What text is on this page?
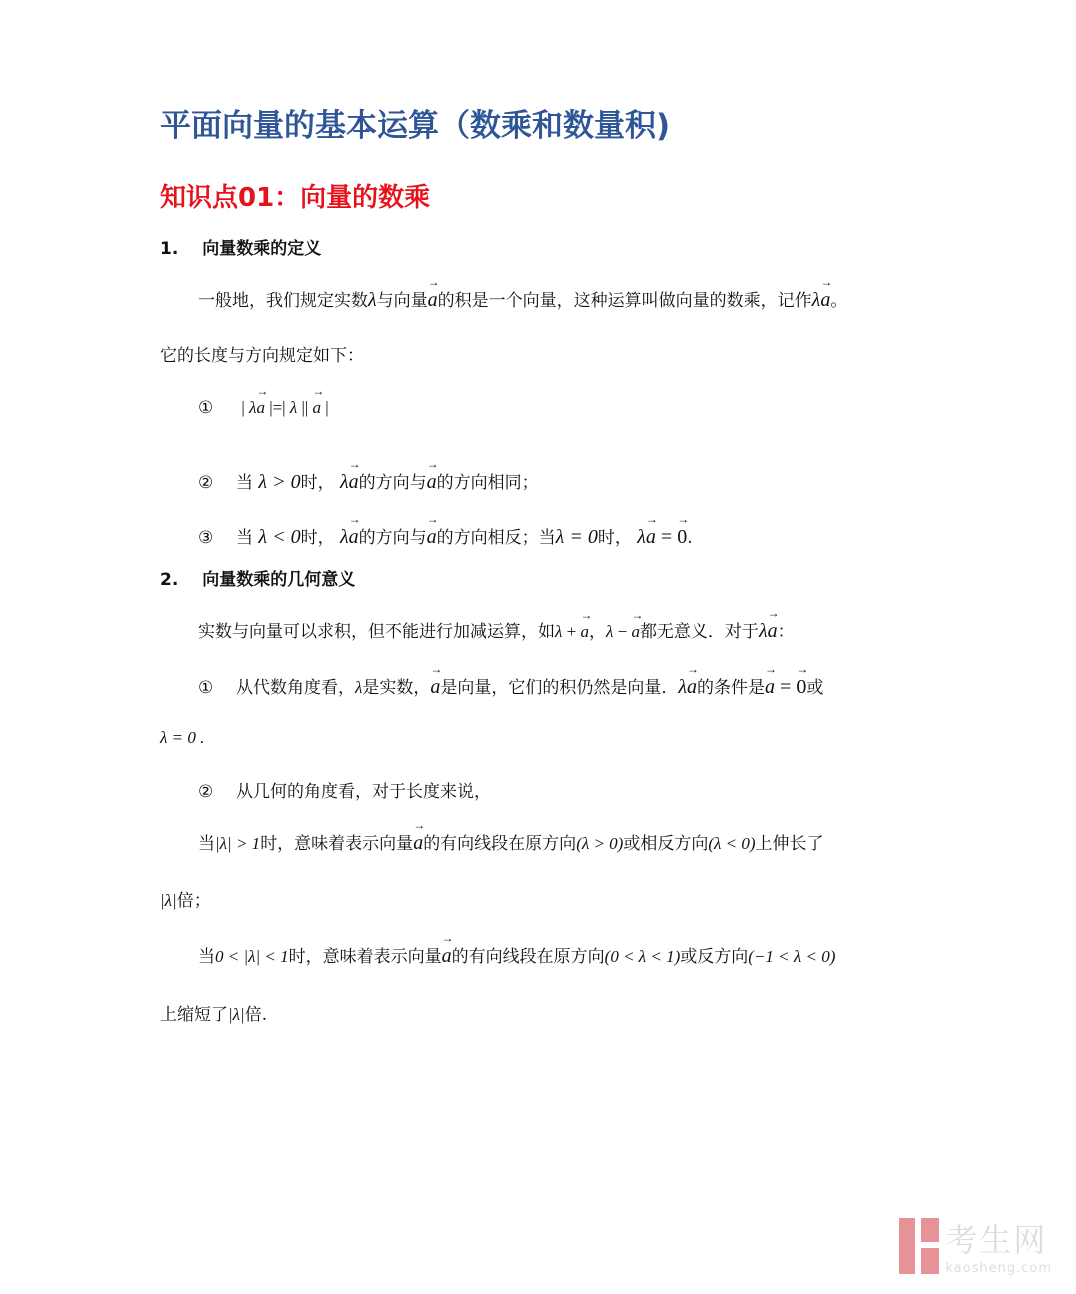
平面向量的基本运算（数乘和数量积)
知识点01：向量的数乘
1. 向量数乘的定义
一般地，我们规定实数λ与向量→ a的积是一个向量，这种运算叫做向量的数乘，记作λ→ a。
它的长度与方向规定如下：
① | λ→ a |=| λ || → a |
② 当 λ > 0时， λ→ a的方向与→ a的方向相同；
③ 当 λ < 0时， λ→ a的方向与→ a的方向相反；当λ = 0时， λ→ a = → 0.
2. 向量数乘的几何意义
实数与向量可以求积，但不能进行加减运算，如λ + → a，λ − → a都无意义．对于λ→ a：
① 从代数角度看，λ是实数，→ a是向量，它们的积仍然是向量．λ→ a的条件是→ a = → 0或
λ = 0 .
② 从几何的角度看，对于长度来说，
当|λ| > 1时，意味着表示向量→ a的有向线段在原方向(λ > 0)或相反方向(λ < 0)上伸长了
|λ|倍；
当0 < |λ| < 1时，意味着表示向量→ a的有向线段在原方向(0 < λ < 1)或反方向(−1 < λ < 0)
上缩短了|λ|倍.
考生网
kaosheng.com
